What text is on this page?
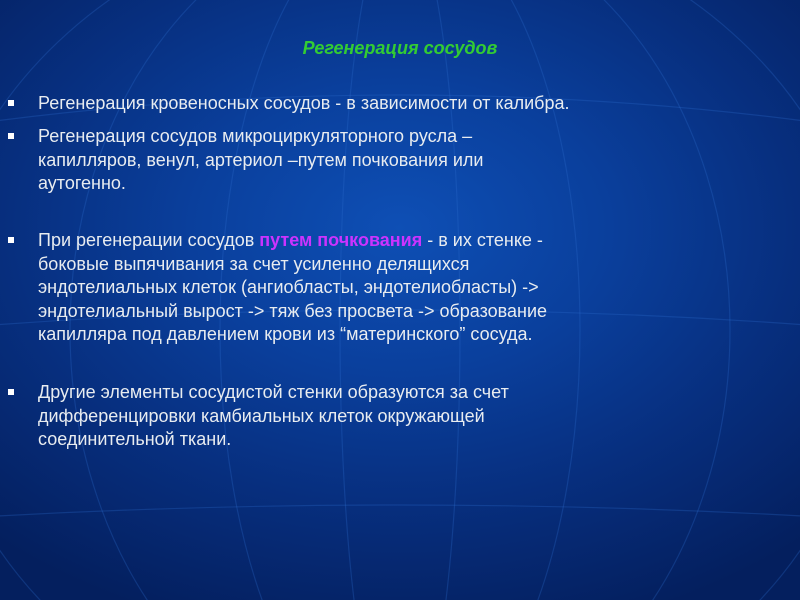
Регенерация сосудов
Регенерация кровеносных сосудов - в зависимости от калибра.
Регенерация сосудов микроциркуляторного русла –
капилляров, венул, артериол –путем почкования или
аутогенно.
При регенерации сосудов путем почкования - в их стенке -
боковые выпячивания за счет усиленно делящихся
эндотелиальных клеток (ангиобласты, эндотелиобласты) ->
эндотелиальный вырост -> тяж без просвета -> образование
капилляра под давлением крови из “материнского” сосуда.
Другие элементы сосудистой стенки образуются за счет
дифференцировки камбиальных клеток окружающей
соединительной ткани.
